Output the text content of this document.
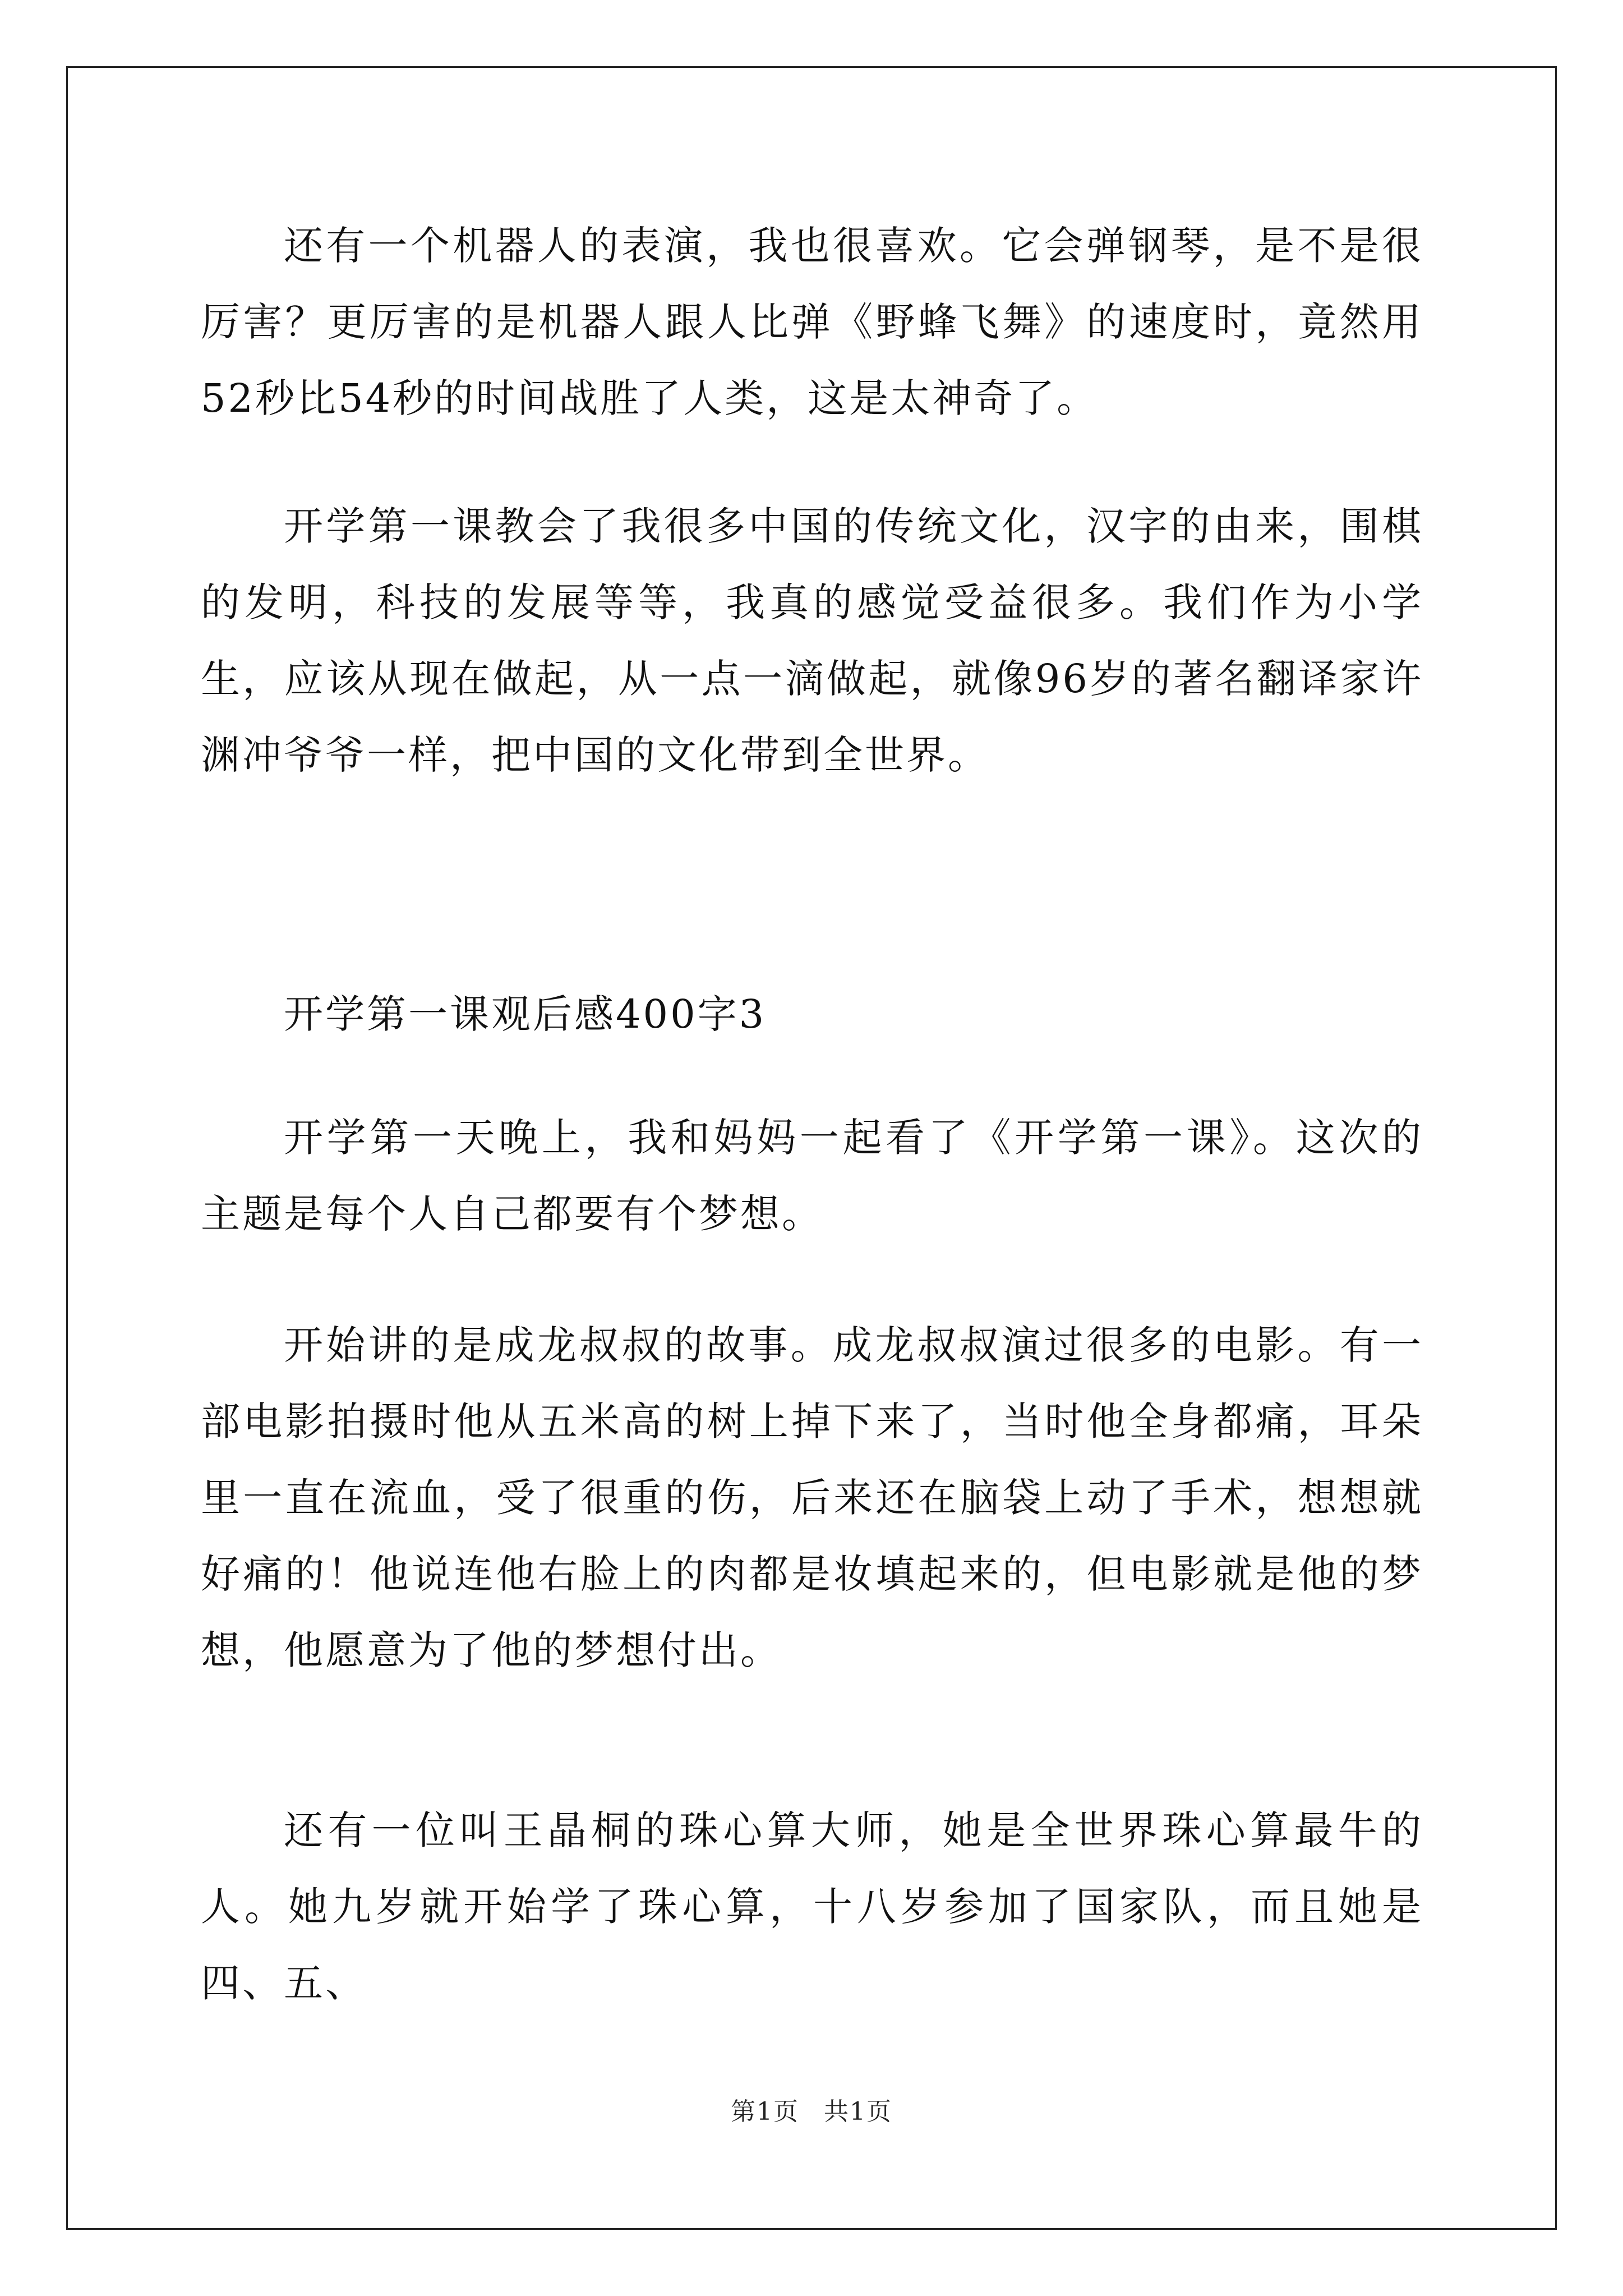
还有一个机器人的表演，我也很喜欢。它会弹钢琴，是不是很厉害？更厉害的是机器人跟人比弹《野蜂飞舞》的速度时，竟然用52秒比54秒的时间战胜了人类，这是太神奇了。

开学第一课教会了我很多中国的传统文化，汉字的由来，围棋的发明，科技的发展等等，我真的感觉受益很多。我们作为小学生，应该从现在做起，从一点一滴做起，就像96岁的著名翻译家许渊冲爷爷一样，把中国的文化带到全世界。

开学第一课观后感400字3

开学第一天晚上，我和妈妈一起看了《开学第一课》。这次的主题是每个人自己都要有个梦想。

开始讲的是成龙叔叔的故事。成龙叔叔演过很多的电影。有一部电影拍摄时他从五米高的树上掉下来了，当时他全身都痛，耳朵里一直在流血，受了很重的伤，后来还在脑袋上动了手术，想想就好痛的！他说连他右脸上的肉都是妆填起来的，但电影就是他的梦想，他愿意为了他的梦想付出。

还有一位叫王晶桐的珠心算大师，她是全世界珠心算最牛的人。她九岁就开始学了珠心算，十八岁参加了国家队，而且她是四、五、

第1页 共1页
